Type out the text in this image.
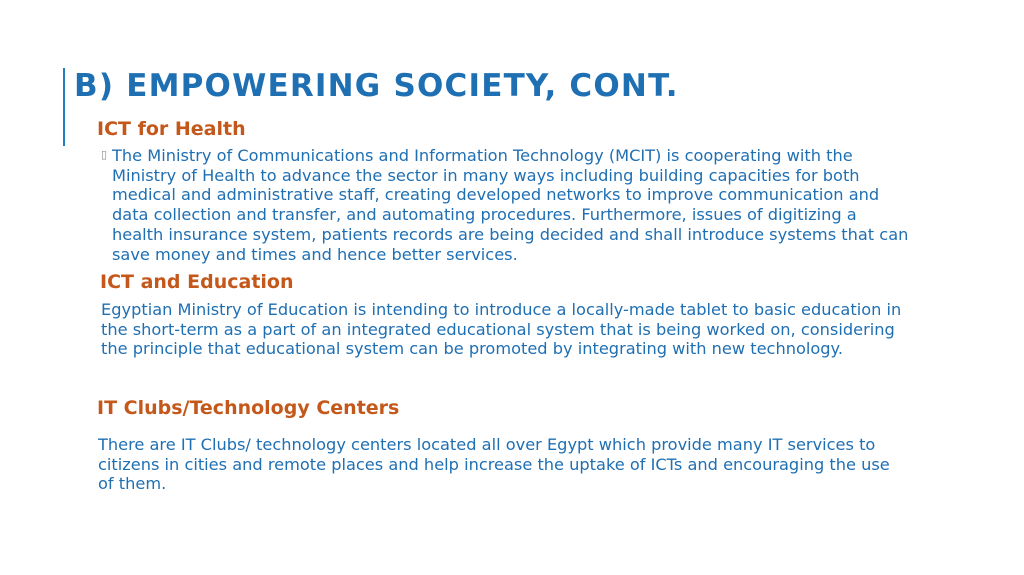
B) EMPOWERING SOCIETY, CONT.
ICT for Health
▯ The Ministry of Communications and Information Technology (MCIT) is cooperating with the Ministry of Health to advance the sector in many ways including building capacities for both medical and administrative staff, creating developed networks to improve communication and data collection and transfer, and automating procedures. Furthermore, issues of digitizing a health insurance system, patients records are being decided and shall introduce systems that can save money and times and hence better services.
ICT and Education
Egyptian Ministry of Education is intending to introduce a locally-made tablet to basic education in the short-term as a part of an integrated educational system that is being worked on, considering the principle that educational system can be promoted by integrating with new technology.
IT Clubs/Technology Centers
There are IT Clubs/ technology centers located all over Egypt which provide many IT services to citizens in cities and remote places and help increase the uptake of ICTs and encouraging the use of them.
